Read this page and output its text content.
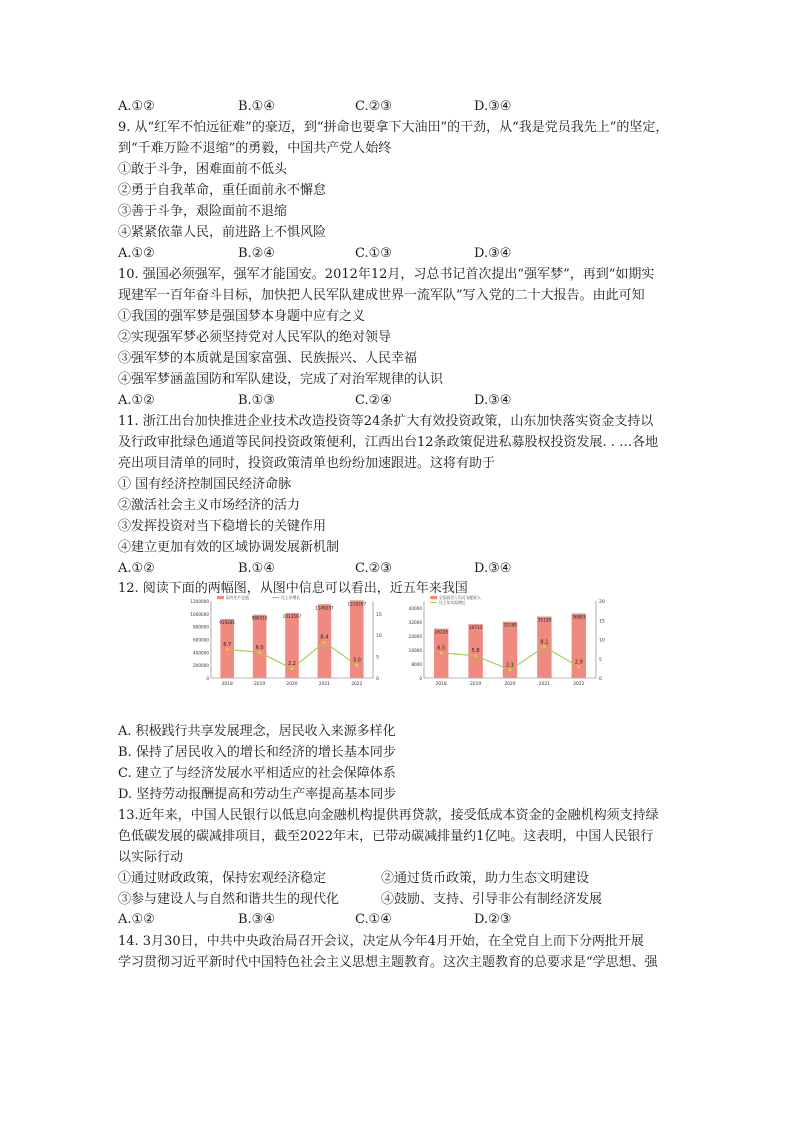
A.①②	B.①④	C.②③	D.③④
9. 从“红军不怕远征难”的豪迈，到“拼命也要拿下大油田”的干劲，从“我是党员我先上”的坚定，
到“千难万险不退缩”的勇毅，中国共产党人始终
①敢于斗争，困难面前不低头
②勇于自我革命，重任面前永不懈怠
③善于斗争，艰险面前不退缩
④紧紧依靠人民，前进路上不惧风险
A.①②	B.②④	C.①③	D.③④
10. 强国必须强军，强军才能国安。2012年12月，习总书记首次提出“强军梦”，再到“如期实
现建军一百年奋斗目标，加快把人民军队建成世界一流军队”写入党的二十大报告。由此可知
①我国的强军梦是强国梦本身题中应有之义
②实现强军梦必须坚持党对人民军队的绝对领导
③强军梦的本质就是国家富强、民族振兴、人民幸福
④强军梦涵盖国防和军队建设，完成了对治军规律的认识
A.①②	B.①③	C.②④	D.③④
11. 浙江出台加快推进企业技术改造投资等24条扩大有效投资政策，山东加快落实资金支持以
及行政审批绿色通道等民间投资政策便利，江西出台12条政策促进私募股权投资发展. . …各地
亮出项目清单的同时，投资政策清单也纷纷加速跟进。这将有助于
① 国有经济控制国民经济命脉
②激活社会主义市场经济的活力
③发挥投资对当下稳增长的关键作用
④建立更加有效的区域协调发展新机制
A.①②	B.①④	C.②③	D.③④
12. 阅读下面的两幅图，从图中信息可以看出，近五年来我国
0
200000
400000
600000
800000
1000000
1200000
0
5
10
15
919281
2018
986515
2019
1013567
2020
1149237
2021
1210207
2022
6.7	6.0
2.2
8.4
3.0
国内生产总值	比上年增长
0
8000
16000
24000
32000
40000
0
5
10
15
20
28228
2018
30733
2019
32189
2020
35128
2021
36883
2022
6.5	5.8
2.1
8.1
2.9
全国居民人均可支配收入
比上年实际增长
A. 积极践行共享发展理念，居民收入来源多样化
B. 保持了居民收入的增长和经济的增长基本同步
C. 建立了与经济发展水平相适应的社会保障体系
D. 坚持劳动报酬提高和劳动生产率提高基本同步
13.近年来，中国人民银行以低息向金融机构提供再贷款，接受低成本资金的金融机构须支持绿
色低碳发展的碳减排项目，截至2022年末，已带动碳减排量约1亿吨。这表明，中国人民银行
以实际行动
①通过财政政策，保持宏观经济稳定	②通过货币政策，助力生态文明建设
③参与建设人与自然和谐共生的现代化	④鼓励、支持、引导非公有制经济发展
A.①②	B.③④	C.①④	D.②③
14. 3月30日，中共中央政治局召开会议，决定从今年4月开始，在全党自上而下分两批开展
学习贯彻习近平新时代中国特色社会主义思想主题教育。这次主题教育的总要求是“学思想、强
